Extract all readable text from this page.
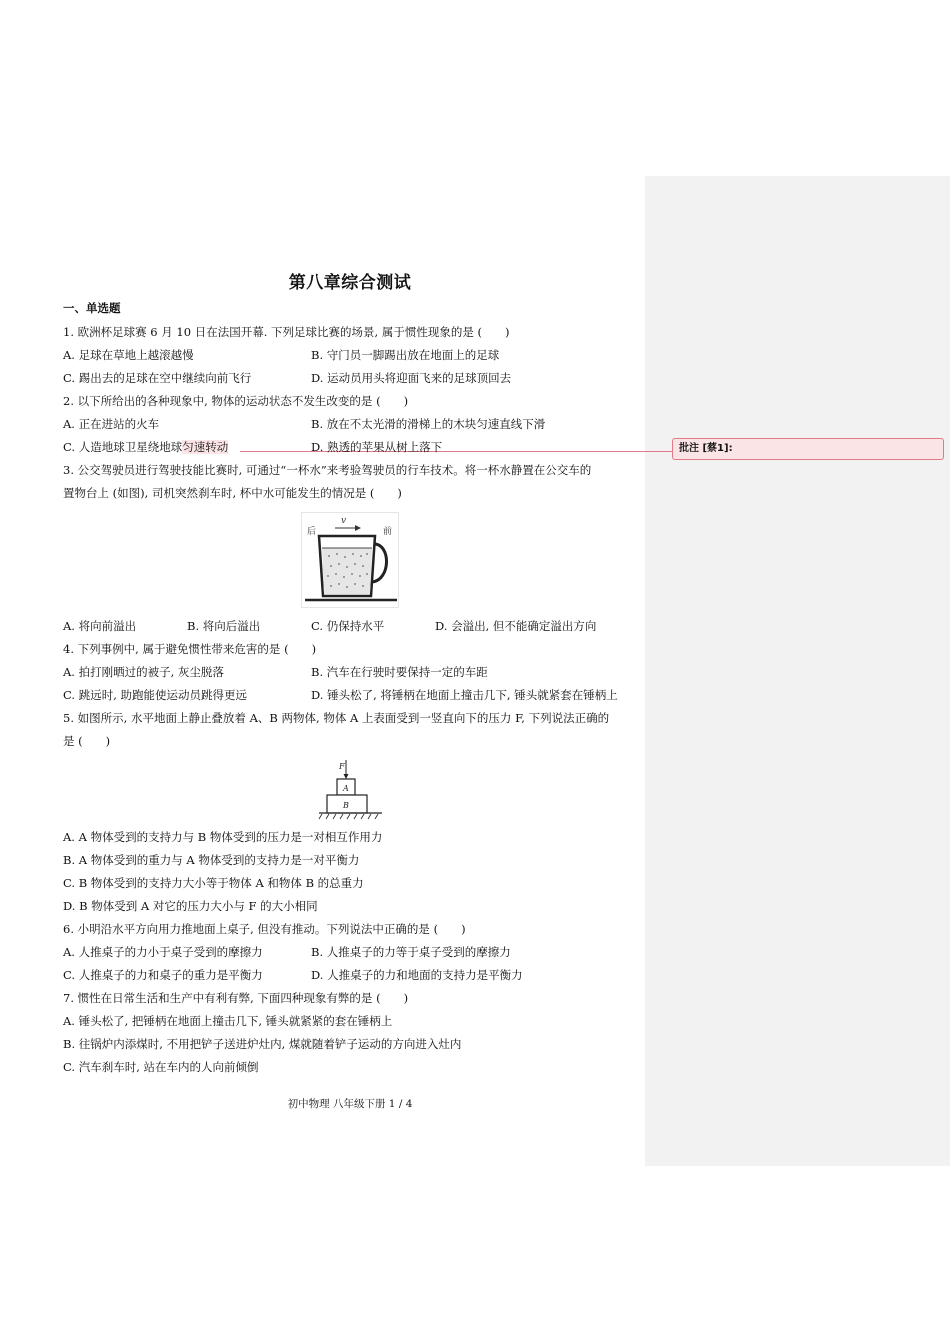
批注 [蔡1]:
第八章综合测试
一、单选题
1. 欧洲杯足球赛 6 月 10 日在法国开幕. 下列足球比赛的场景, 属于惯性现象的是 (　　)
A. 足球在草地上越滚越慢	B. 守门员一脚踢出放在地面上的足球
C. 踢出去的足球在空中继续向前飞行	D. 运动员用头将迎面飞来的足球顶回去
2. 以下所给出的各种现象中, 物体的运动状态不发生改变的是 (　　)
A. 正在进站的火车	B. 放在不太光滑的滑梯上的木块匀速直线下滑
C. 人造地球卫星绕地球匀速转动	D. 熟透的苹果从树上落下
3. 公交驾驶员进行驾驶技能比赛时, 可通过“一杯水”来考验驾驶员的行车技术。将一杯水静置在公交车的
置物台上 (如图), 司机突然刹车时, 杯中水可能发生的情况是 (　　)
后	前
v
A. 将向前溢出	B. 将向后溢出	C. 仍保持水平	D. 会溢出, 但不能确定溢出方向
4. 下列事例中, 属于避免惯性带来危害的是 (　　)
A. 拍打刚晒过的被子, 灰尘脱落	B. 汽车在行驶时要保持一定的车距
C. 跳远时, 助跑能使运动员跳得更远	D. 锤头松了, 将锤柄在地面上撞击几下, 锤头就紧套在锤柄上
5. 如图所示, 水平地面上静止叠放着 A、B 两物体, 物体 A 上表面受到一竖直向下的压力 F, 下列说法正确的
是 (　　)
F
A
B
A. A 物体受到的支持力与 B 物体受到的压力是一对相互作用力
B. A 物体受到的重力与 A 物体受到的支持力是一对平衡力
C. B 物体受到的支持力大小等于物体 A 和物体 B 的总重力
D. B 物体受到 A 对它的压力大小与 F 的大小相同
6. 小明沿水平方向用力推地面上桌子, 但没有推动。下列说法中正确的是 (　　)
A. 人推桌子的力小于桌子受到的摩擦力	B. 人推桌子的力等于桌子受到的摩擦力
C. 人推桌子的力和桌子的重力是平衡力	D. 人推桌子的力和地面的支持力是平衡力
7. 惯性在日常生活和生产中有利有弊, 下面四种现象有弊的是 (　　)
A. 锤头松了, 把锤柄在地面上撞击几下, 锤头就紧紧的套在锤柄上
B. 往锅炉内添煤时, 不用把铲子送进炉灶内, 煤就随着铲子运动的方向进入灶内
C. 汽车刹车时, 站在车内的人向前倾倒
初中物理 八年级下册 1 / 4
